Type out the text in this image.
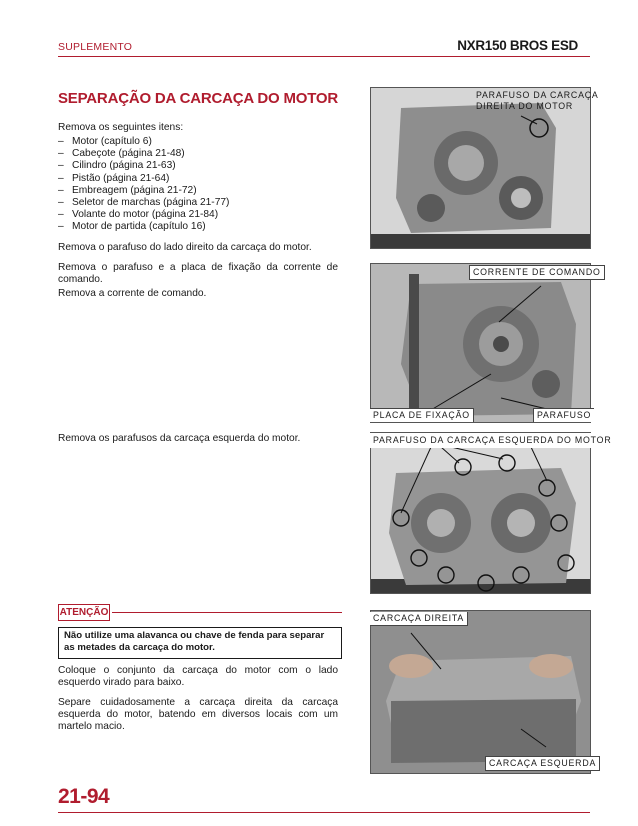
SUPLEMENTO	NXR150 BROS ESD
SEPARAÇÃO DA CARCAÇA DO MOTOR
Remova os seguintes itens:
– Motor (capítulo 6)
– Cabeçote (página 21-48)
– Cilindro (página 21-63)
– Pistão (página 21-64)
– Embreagem (página 21-72)
– Seletor de marchas (página 21-77)
– Volante do motor (página 21-84)
– Motor de partida (capítulo 16)
Remova o parafuso do lado direito da carcaça do motor.
Remova o parafuso e a placa de fixação da corrente de comando.
Remova a corrente de comando.
Remova os parafusos da carcaça esquerda do motor.
ATENÇÃO
Não utilize uma alavanca ou chave de fenda para separar as metades da carcaça do motor.
Coloque o conjunto da carcaça do motor com o lado esquerdo virado para baixo.
Separe cuidadosamente a carcaça direita da carcaça esquerda do motor, batendo em diversos locais com um martelo macio.
PARAFUSO DA CARCAÇA
DIREITA DO MOTOR
CORRENTE DE COMANDO
PLACA DE FIXAÇÃO	PARAFUSO
PARAFUSO DA CARCAÇA ESQUERDA DO MOTOR
CARCAÇA DIREITA
CARCAÇA ESQUERDA
21-94
